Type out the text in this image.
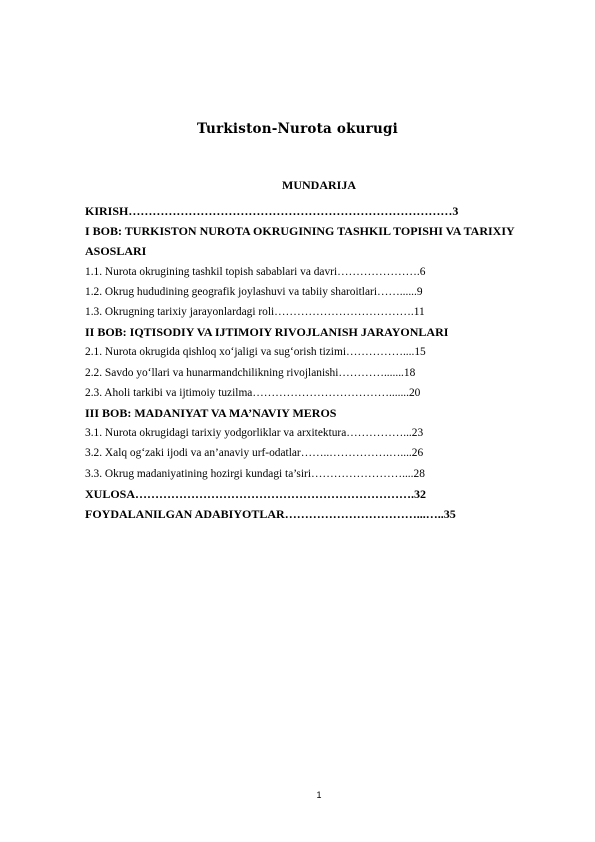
Turkiston-Nurota okurugi
MUNDARIJA
KIRISH………………………………………………………………………3
I BOB: TURKISTON NUROTA OKRUGINING TASHKIL TOPISHI VA TARIXIY ASOSLARI
1.1. Nurota okrugining tashkil topish sabablari va davri………………….6
1.2. Okrug hududining geografik joylashuvi va tabiiy sharoitlari……......9
1.3. Okrugning tarixiy jarayonlardagi roli……………………………….11
II BOB: IQTISODIY VA IJTIMOIY RIVOJLANISH JARAYONLARI
2.1. Nurota okrugida qishloq xo‘jaligi va sug‘orish tizimi……………....15
2.2. Savdo yo‘llari va hunarmandchilikning rivojlanishi………….......18
2.3. Aholi tarkibi va ijtimoiy tuzilma……………………………….......20
III BOB: MADANIYAT VA MA’NAVIY MEROS
3.1. Nurota okrugidagi tarixiy yodgorliklar va arxitektura……………...23
3.2. Xalq og‘zaki ijodi va an’anaviy urf-odatlar……..…………….…....26
3.3. Okrug madaniyatining hozirgi kundagi ta’siri……………………....28
XULOSA…………………………………………………………….32
FOYDALANILGAN ADABIYOTLAR……………………………...…..35
1
